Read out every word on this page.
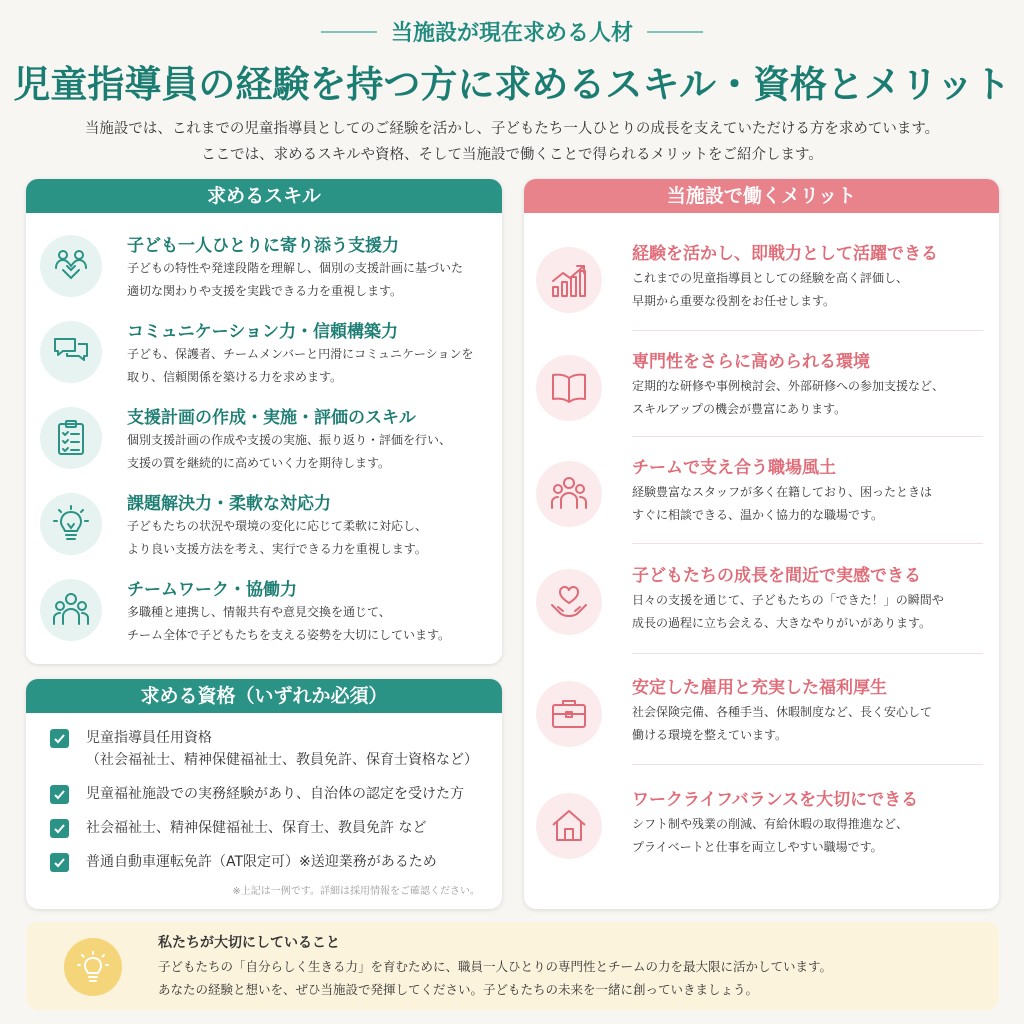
当施設が現在求める人材
児童指導員の経験を持つ方に求めるスキル・資格とメリット
当施設では、これまでの児童指導員としてのご経験を活かし、子どもたち一人ひとりの成長を支えていただける方を求めています。
ここでは、求めるスキルや資格、そして当施設で働くことで得られるメリットをご紹介します。
求めるスキル
子ども一人ひとりに寄り添う支援力
子どもの特性や発達段階を理解し、個別の支援計画に基づいた
適切な関わりや支援を実践できる力を重視します。
コミュニケーション力・信頼構築力
子ども、保護者、チームメンバーと円滑にコミュニケーションを
取り、信頼関係を築ける力を求めます。
支援計画の作成・実施・評価のスキル
個別支援計画の作成や支援の実施、振り返り・評価を行い、
支援の質を継続的に高めていく力を期待します。
課題解決力・柔軟な対応力
子どもたちの状況や環境の変化に応じて柔軟に対応し、
より良い支援方法を考え、実行できる力を重視します。
チームワーク・協働力
多職種と連携し、情報共有や意見交換を通じて、
チーム全体で子どもたちを支える姿勢を大切にしています。
求める資格（いずれか必須）
児童指導員任用資格
（社会福祉士、精神保健福祉士、教員免許、保育士資格など）
児童福祉施設での実務経験があり、自治体の認定を受けた方
社会福祉士、精神保健福祉士、保育士、教員免許 など
普通自動車運転免許（AT限定可）※送迎業務があるため
※上記は一例です。詳細は採用情報をご確認ください。
当施設で働くメリット
経験を活かし、即戦力として活躍できる
これまでの児童指導員としての経験を高く評価し、
早期から重要な役割をお任せします。
専門性をさらに高められる環境
定期的な研修や事例検討会、外部研修への参加支援など、
スキルアップの機会が豊富にあります。
チームで支え合う職場風土
経験豊富なスタッフが多く在籍しており、困ったときは
すぐに相談できる、温かく協力的な職場です。
子どもたちの成長を間近で実感できる
日々の支援を通じて、子どもたちの「できた！」の瞬間や
成長の過程に立ち会える、大きなやりがいがあります。
安定した雇用と充実した福利厚生
社会保険完備、各種手当、休暇制度など、長く安心して
働ける環境を整えています。
ワークライフバランスを大切にできる
シフト制や残業の削減、有給休暇の取得推進など、
プライベートと仕事を両立しやすい職場です。
私たちが大切にしていること
子どもたちの「自分らしく生きる力」を育むために、職員一人ひとりの専門性とチームの力を最大限に活かしています。
あなたの経験と想いを、ぜひ当施設で発揮してください。子どもたちの未来を一緒に創っていきましょう。
